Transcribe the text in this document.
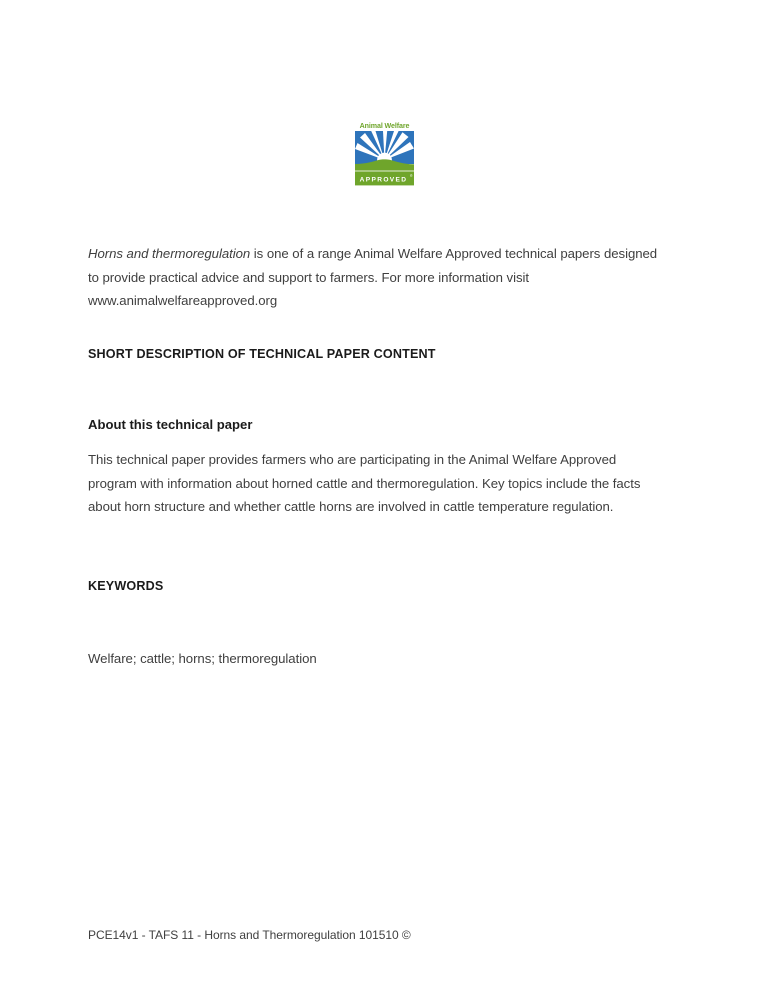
Animal Welfare
APPROVED
®

Horns and thermoregulation is one of a range Animal Welfare Approved technical papers designed to provide practical advice and support to farmers. For more information visit www.animalwelfareapproved.org

SHORT DESCRIPTION OF TECHNICAL PAPER CONTENT
About this technical paper

This technical paper provides farmers who are participating in the Animal Welfare Approved program with information about horned cattle and thermoregulation. Key topics include the facts about horn structure and whether cattle horns are involved in cattle temperature regulation.

KEYWORDS

Welfare; cattle; horns; thermoregulation

PCE14v1 - TAFS 11 - Horns and Thermoregulation 101510 ©
